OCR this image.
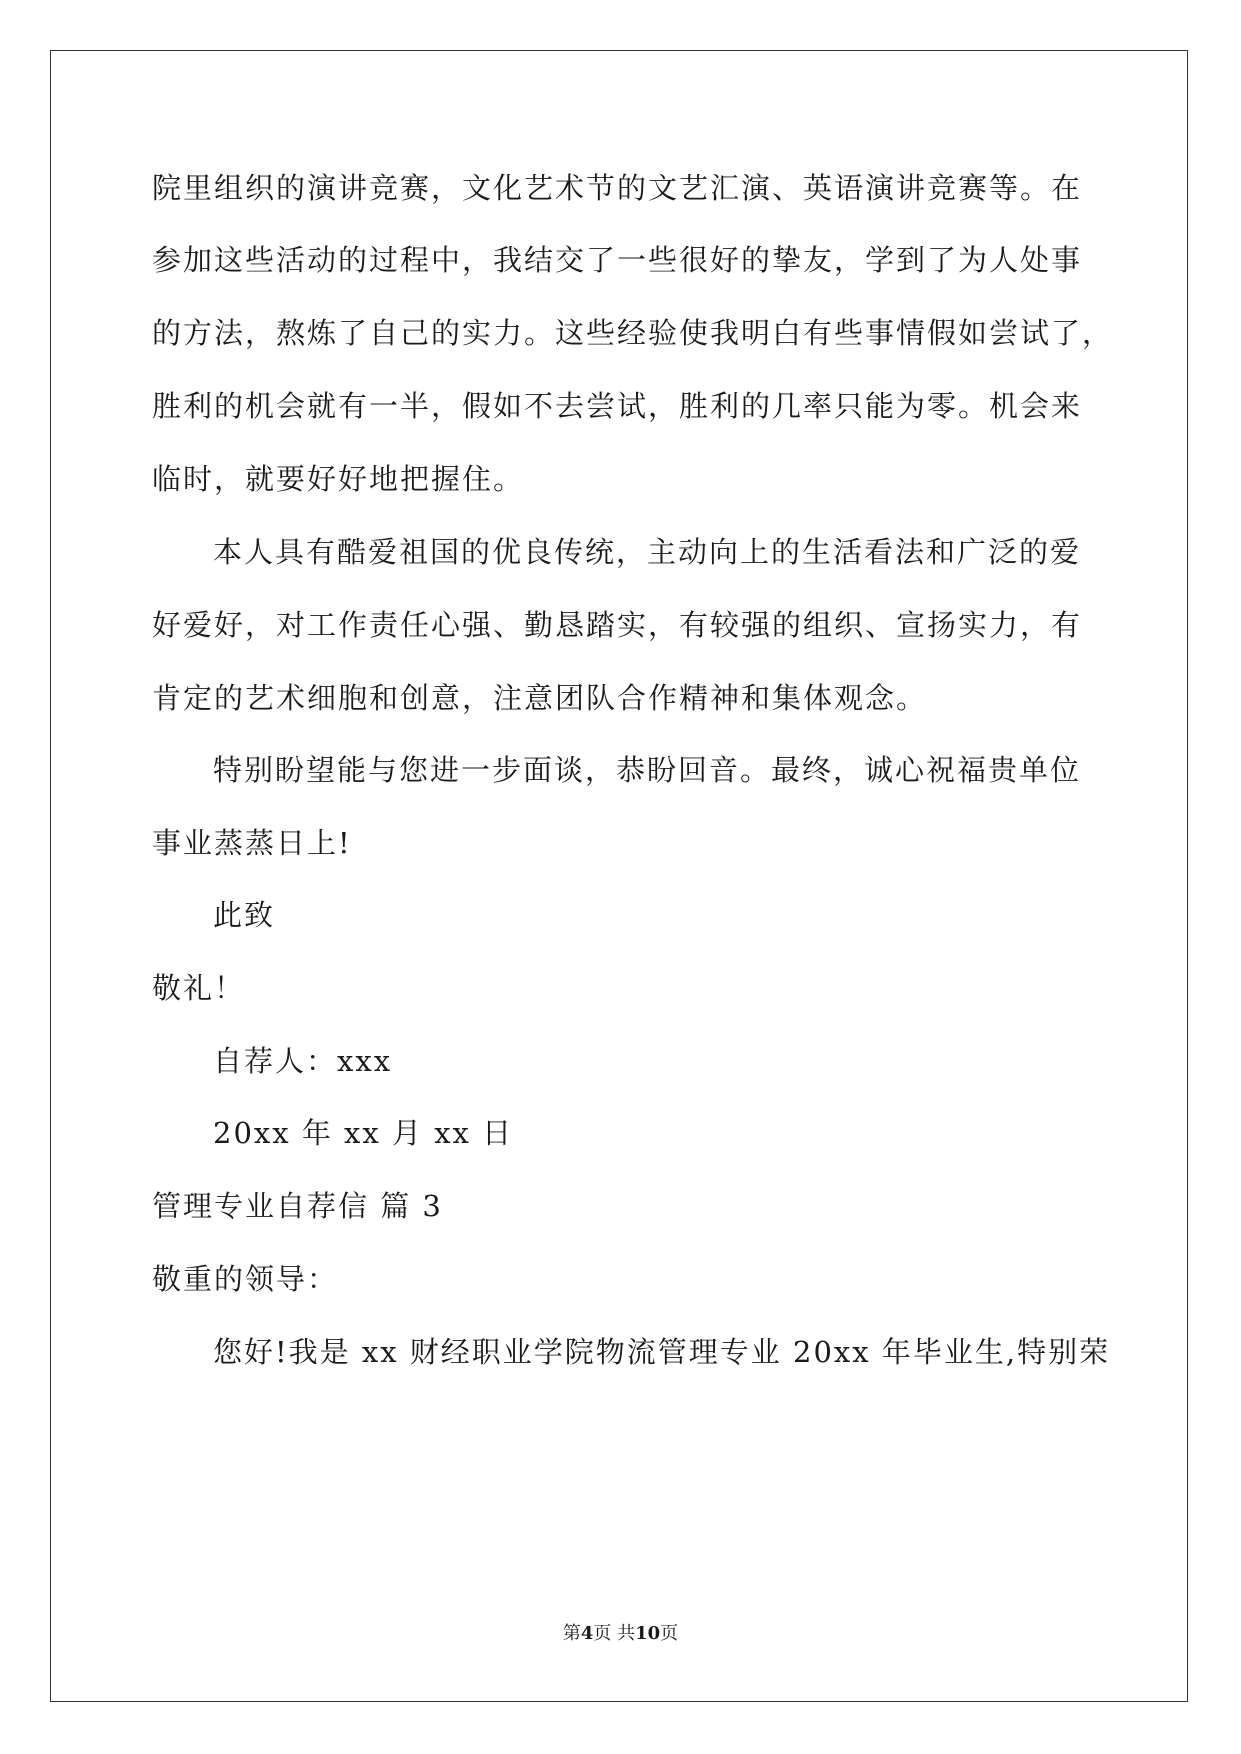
院里组织的演讲竞赛，文化艺术节的文艺汇演、英语演讲竞赛等。在
参加这些活动的过程中，我结交了一些很好的挚友，学到了为人处事
的方法，熬炼了自己的实力。这些经验使我明白有些事情假如尝试了，
胜利的机会就有一半，假如不去尝试，胜利的几率只能为零。机会来
临时，就要好好地把握住。
本人具有酷爱祖国的优良传统，主动向上的生活看法和广泛的爱
好爱好，对工作责任心强、勤恳踏实，有较强的组织、宣扬实力，有
肯定的艺术细胞和创意，注意团队合作精神和集体观念。
特别盼望能与您进一步面谈，恭盼回音。最终，诚心祝福贵单位
事业蒸蒸日上!
此致
敬礼！
自荐人：xxx
20xx 年 xx 月 xx 日
管理专业自荐信 篇 3
敬重的领导：
您好!我是 xx 财经职业学院物流管理专业 20xx 年毕业生,特别荣
第4页 共10页
